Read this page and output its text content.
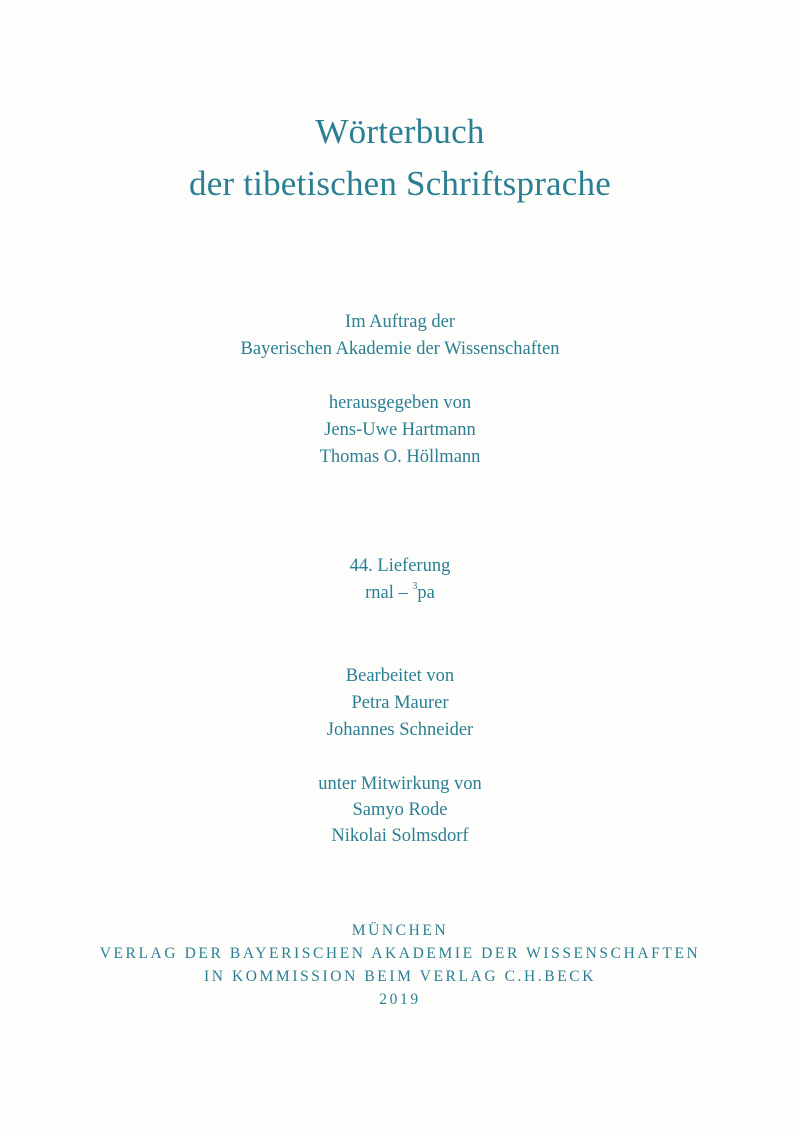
Wörterbuch
der tibetischen Schriftsprache
Im Auftrag der
Bayerischen Akademie der Wissenschaften
herausgegeben von
Jens-Uwe Hartmann
Thomas O. Höllmann
44. Lieferung
rnal – $^3$pa
Bearbeitet von
Petra Maurer
Johannes Schneider
unter Mitwirkung von
Samyo Rode
Nikolai Solmsdorf
MÜNCHEN
VERLAG DER BAYERISCHEN AKADEMIE DER WISSENSCHAFTEN
IN KOMMISSION BEIM VERLAG C.H.BECK
2019
